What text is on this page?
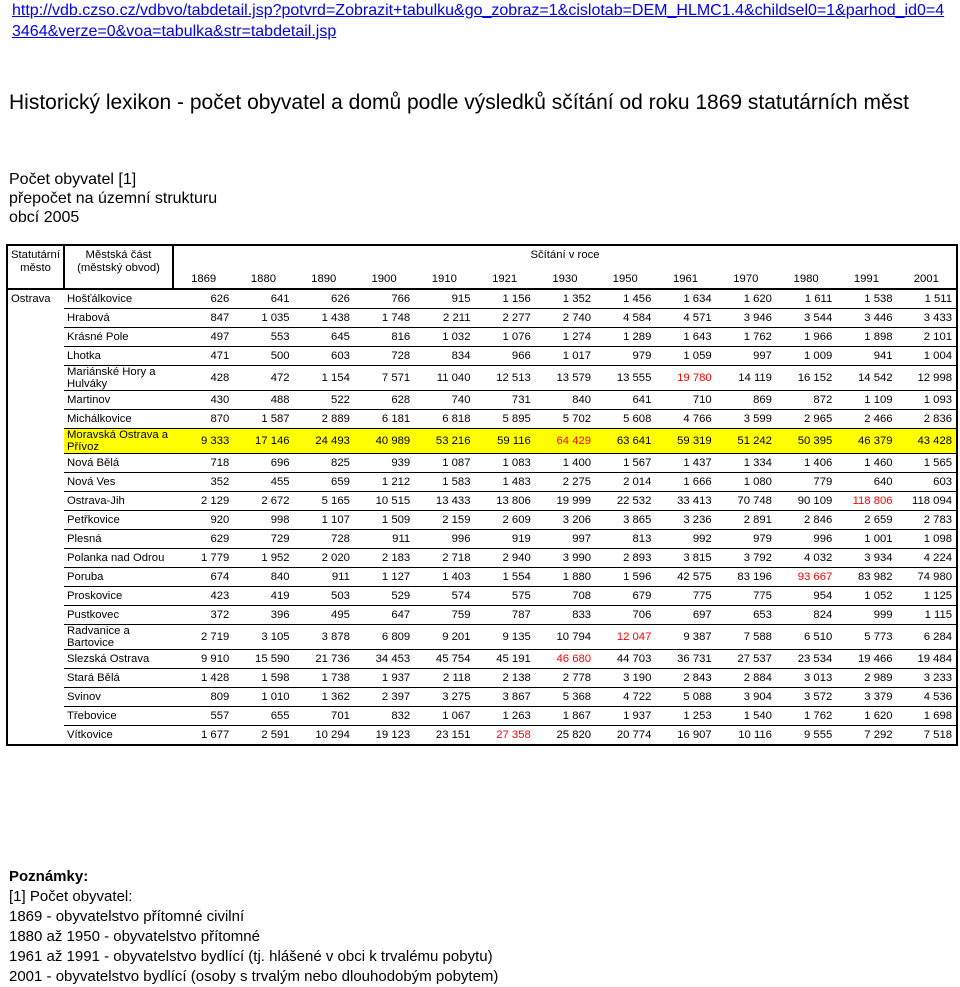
http://vdb.czso.cz/vdbvo/tabdetail.jsp?potvrd=Zobrazit+tabulku&go_zobraz=1&cislotab=DEM_HLMC1.4&childsel0=1&parhod_id0=43464&verze=0&voa=tabulka&str=tabdetail.jsp
Historický lexikon - počet obyvatel a domů podle výsledků sčítání od roku 1869 statutárních měst
Počet obyvatel [1]
přepočet na územní strukturu
obcí 2005
Statutární město	Městská část (městský obvod)	Sčítání v roce												
		1869	1880	1890	1900	1910	1921	1930	1950	1961	1970	1980	1991	2001
Ostrava	Hošťálkovice	626	641	626	766	915	1 156	1 352	1 456	1 634	1 620	1 611	1 538	1 511
	Hrabová	847	1 035	1 438	1 748	2 211	2 277	2 740	4 584	4 571	3 946	3 544	3 446	3 433
	Krásné Pole	497	553	645	816	1 032	1 076	1 274	1 289	1 643	1 762	1 966	1 898	2 101
	Lhotka	471	500	603	728	834	966	1 017	979	1 059	997	1 009	941	1 004
	Mariánské Hory a Hulváky	428	472	1 154	7 571	11 040	12 513	13 579	13 555	19 780	14 119	16 152	14 542	12 998
	Martinov	430	488	522	628	740	731	840	641	710	869	872	1 109	1 093
	Michálkovice	870	1 587	2 889	6 181	6 818	5 895	5 702	5 608	4 766	3 599	2 965	2 466	2 836
	Moravská Ostrava a Přívoz	9 333	17 146	24 493	40 989	53 216	59 116	64 429	63 641	59 319	51 242	50 395	46 379	43 428
	Nová Bělá	718	696	825	939	1 087	1 083	1 400	1 567	1 437	1 334	1 406	1 460	1 565
	Nová Ves	352	455	659	1 212	1 583	1 483	2 275	2 014	1 666	1 080	779	640	603
	Ostrava-Jih	2 129	2 672	5 165	10 515	13 433	13 806	19 999	22 532	33 413	70 748	90 109	118 806	118 094
	Petřkovice	920	998	1 107	1 509	2 159	2 609	3 206	3 865	3 236	2 891	2 846	2 659	2 783
	Plesná	629	729	728	911	996	919	997	813	992	979	996	1 001	1 098
	Polanka nad Odrou	1 779	1 952	2 020	2 183	2 718	2 940	3 990	2 893	3 815	3 792	4 032	3 934	4 224
	Poruba	674	840	911	1 127	1 403	1 554	1 880	1 596	42 575	83 196	93 667	83 982	74 980
	Proskovice	423	419	503	529	574	575	708	679	775	775	954	1 052	1 125
	Pustkovec	372	396	495	647	759	787	833	706	697	653	824	999	1 115
	Radvanice a Bartovice	2 719	3 105	3 878	6 809	9 201	9 135	10 794	12 047	9 387	7 588	6 510	5 773	6 284
	Slezská Ostrava	9 910	15 590	21 736	34 453	45 754	45 191	46 680	44 703	36 731	27 537	23 534	19 466	19 484
	Stará Bělá	1 428	1 598	1 738	1 937	2 118	2 138	2 778	3 190	2 843	2 884	3 013	2 989	3 233
	Svinov	809	1 010	1 362	2 397	3 275	3 867	5 368	4 722	5 088	3 904	3 572	3 379	4 536
	Třebovice	557	655	701	832	1 067	1 263	1 867	1 937	1 253	1 540	1 762	1 620	1 698
	Vítkovice	1 677	2 591	10 294	19 123	23 151	27 358	25 820	20 774	16 907	10 116	9 555	7 292	7 518
Poznámky:
[1] Počet obyvatel:
1869 - obyvatelstvo přítomné civilní
1880 až 1950 - obyvatelstvo přítomné
1961 až 1991 - obyvatelstvo bydlící (tj. hlášené v obci k trvalému pobytu)
2001 - obyvatelstvo bydlící (osoby s trvalým nebo dlouhodobým pobytem)
